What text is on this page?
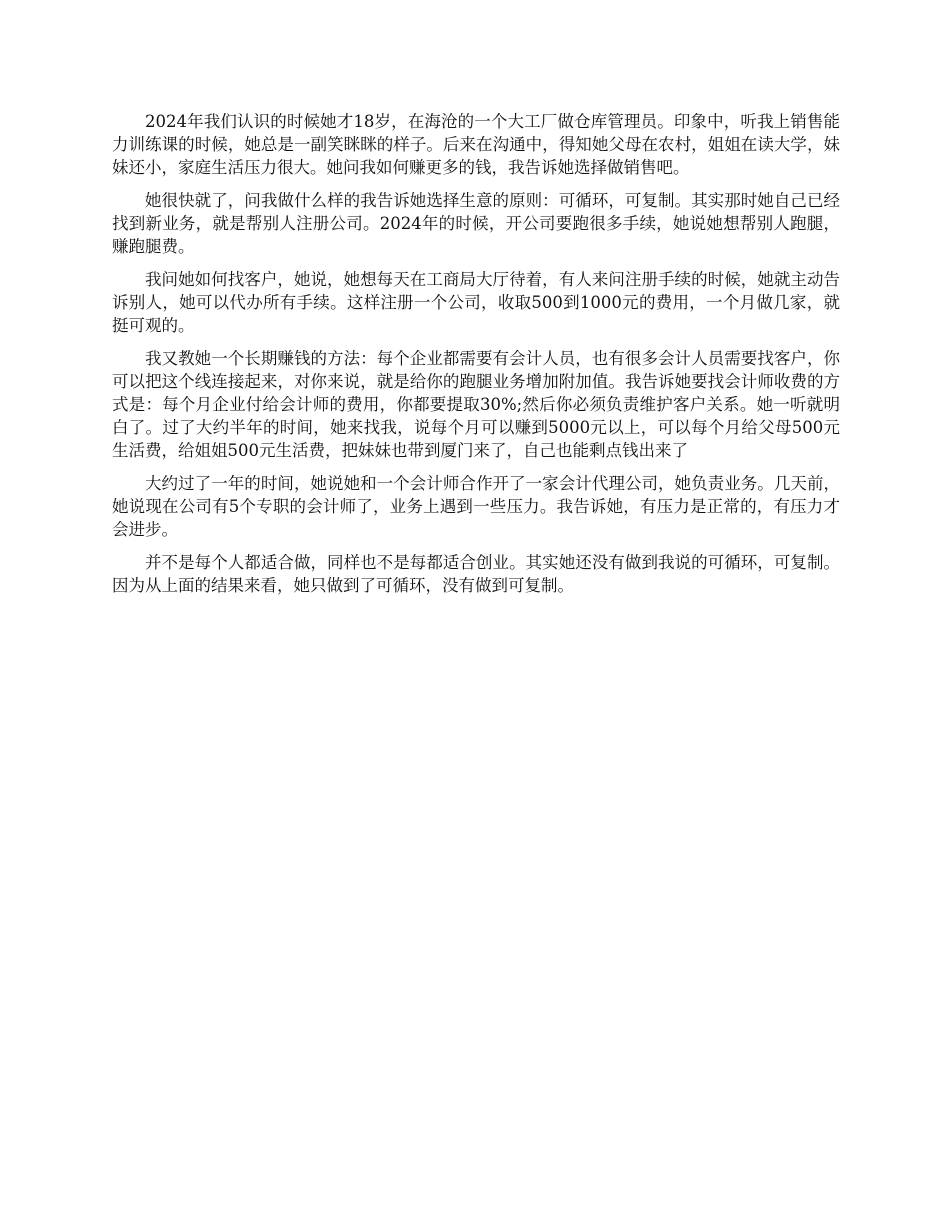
2024年我们认识的时候她才18岁，在海沧的一个大工厂做仓库管理员。印象中，听我上销售能力训练课的时候，她总是一副笑眯眯的样子。后来在沟通中，得知她父母在农村，姐姐在读大学，妹妹还小，家庭生活压力很大。她问我如何赚更多的钱，我告诉她选择做销售吧。

她很快就了，问我做什么样的我告诉她选择生意的原则：可循环，可复制。其实那时她自己已经找到新业务，就是帮别人注册公司。2024年的时候，开公司要跑很多手续，她说她想帮别人跑腿，赚跑腿费。

我问她如何找客户，她说，她想每天在工商局大厅待着，有人来问注册手续的时候，她就主动告诉别人，她可以代办所有手续。这样注册一个公司，收取500到1000元的费用，一个月做几家，就挺可观的。

我又教她一个长期赚钱的方法：每个企业都需要有会计人员，也有很多会计人员需要找客户，你可以把这个线连接起来，对你来说，就是给你的跑腿业务增加附加值。我告诉她要找会计师收费的方式是：每个月企业付给会计师的费用，你都要提取30%;然后你必须负责维护客户关系。她一听就明白了。过了大约半年的时间，她来找我，说每个月可以赚到5000元以上，可以每个月给父母500元生活费，给姐姐500元生活费，把妹妹也带到厦门来了，自己也能剩点钱出来了

大约过了一年的时间，她说她和一个会计师合作开了一家会计代理公司，她负责业务。几天前，她说现在公司有5个专职的会计师了，业务上遇到一些压力。我告诉她，有压力是正常的，有压力才会进步。

并不是每个人都适合做，同样也不是每都适合创业。其实她还没有做到我说的可循环，可复制。因为从上面的结果来看，她只做到了可循环，没有做到可复制。
